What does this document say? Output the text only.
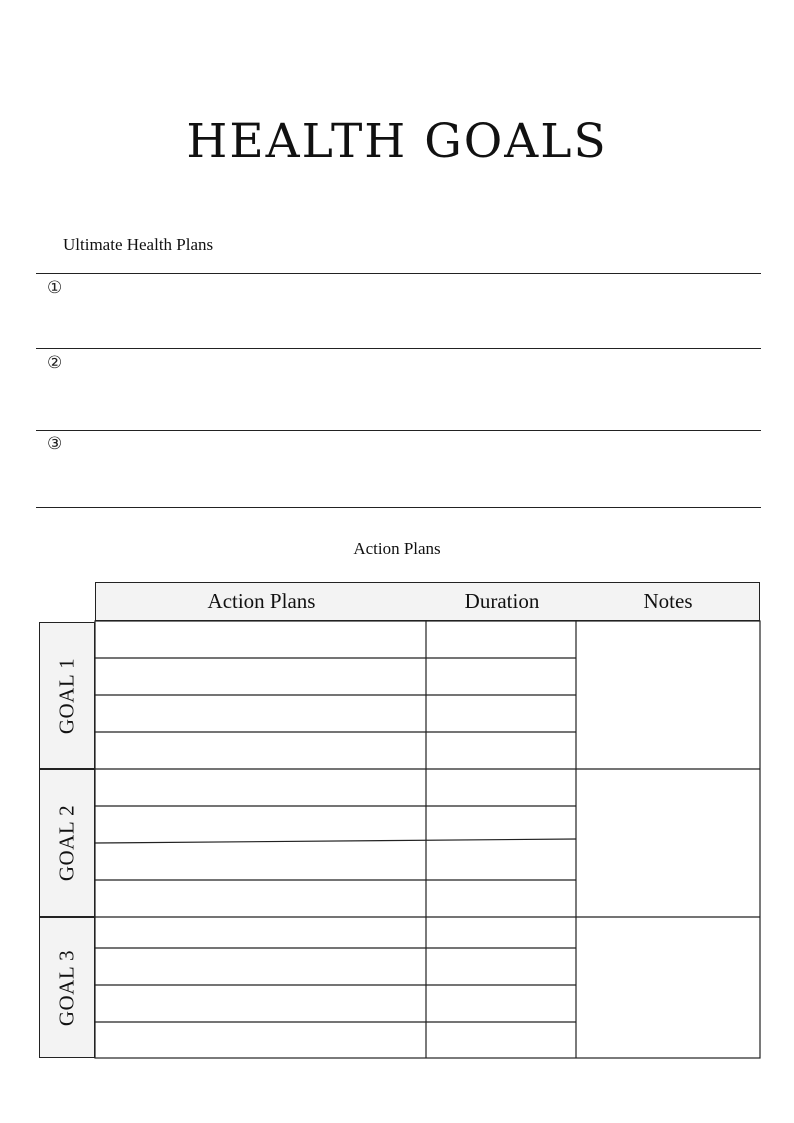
HEALTH GOALS
Ultimate Health Plans
①
②
③
Action Plans
Action Plans	Duration	Notes
GOAL 1
GOAL 2
GOAL 3
